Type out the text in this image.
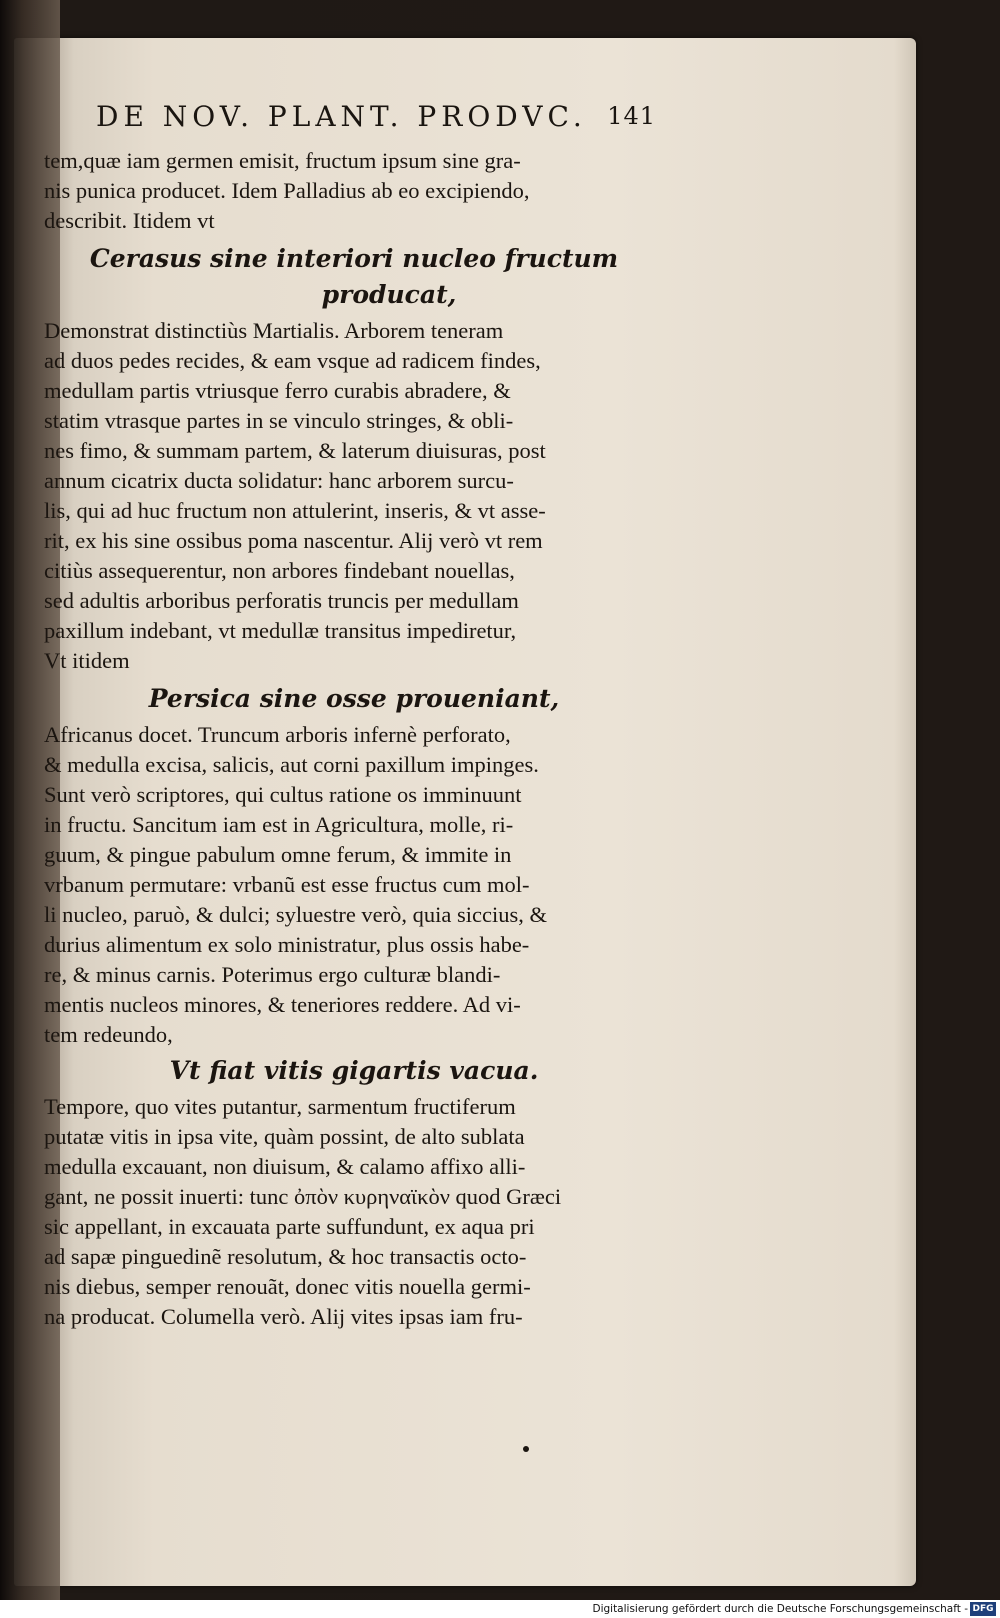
DE NOV. PLANT. PRODVC. 141
tem,quæ iam germen emisit, fructum ipsum sine gra-
nis punica producet. Idem Palladius ab eo excipiendo,
describit. Itidem vt
Cerasus sine interiori nucleo fructum
producat,
Demonstrat distinctiùs Martialis. Arborem teneram
ad duos pedes recides, & eam vsque ad radicem findes,
medullam partis vtriusque ferro curabis abradere, &
statim vtrasque partes in se vinculo stringes, & obli-
nes fimo, & summam partem, & laterum diuisuras, post
annum cicatrix ducta solidatur: hanc arborem surcu-
lis, qui ad huc fructum non attulerint, inseris, & vt asse-
rit, ex his sine ossibus poma nascentur. Alij verò vt rem
citiùs assequerentur, non arbores findebant nouellas,
sed adultis arboribus perforatis truncis per medullam
paxillum indebant, vt medullæ transitus impediretur,
Vt itidem
Persica sine osse proueniant,
Africanus docet. Truncum arboris infernè perforato,
& medulla excisa, salicis, aut corni paxillum impinges.
Sunt verò scriptores, qui cultus ratione os imminuunt
in fructu. Sancitum iam est in Agricultura, molle, ri-
guum, & pingue pabulum omne ferum, & immite in
vrbanum permutare: vrbanũ est esse fructus cum mol-
li nucleo, paruò, & dulci; syluestre verò, quia siccius, &
durius alimentum ex solo ministratur, plus ossis habe-
re, & minus carnis. Poterimus ergo culturæ blandi-
mentis nucleos minores, & teneriores reddere. Ad vi-
tem redeundo,
Vt fiat vitis gigartis vacua.
Tempore, quo vites putantur, sarmentum fructiferum
putatæ vitis in ipsa vite, quàm possint, de alto sublata
medulla excauant, non diuisum, & calamo affixo alli-
gant, ne possit inuerti: tunc ὀπὸν κυρηναϊκὸν quod Græci
sic appellant, in excauata parte suffundunt, ex aqua pri
ad sapæ pinguedinẽ resolutum, & hoc transactis octo-
nis diebus, semper renouãt, donec vitis nouella germi-
na producat. Columella verò. Alij vites ipsas iam fru-
Digitalisierung gefördert durch die Deutsche Forschungsgemeinschaft - DFG
